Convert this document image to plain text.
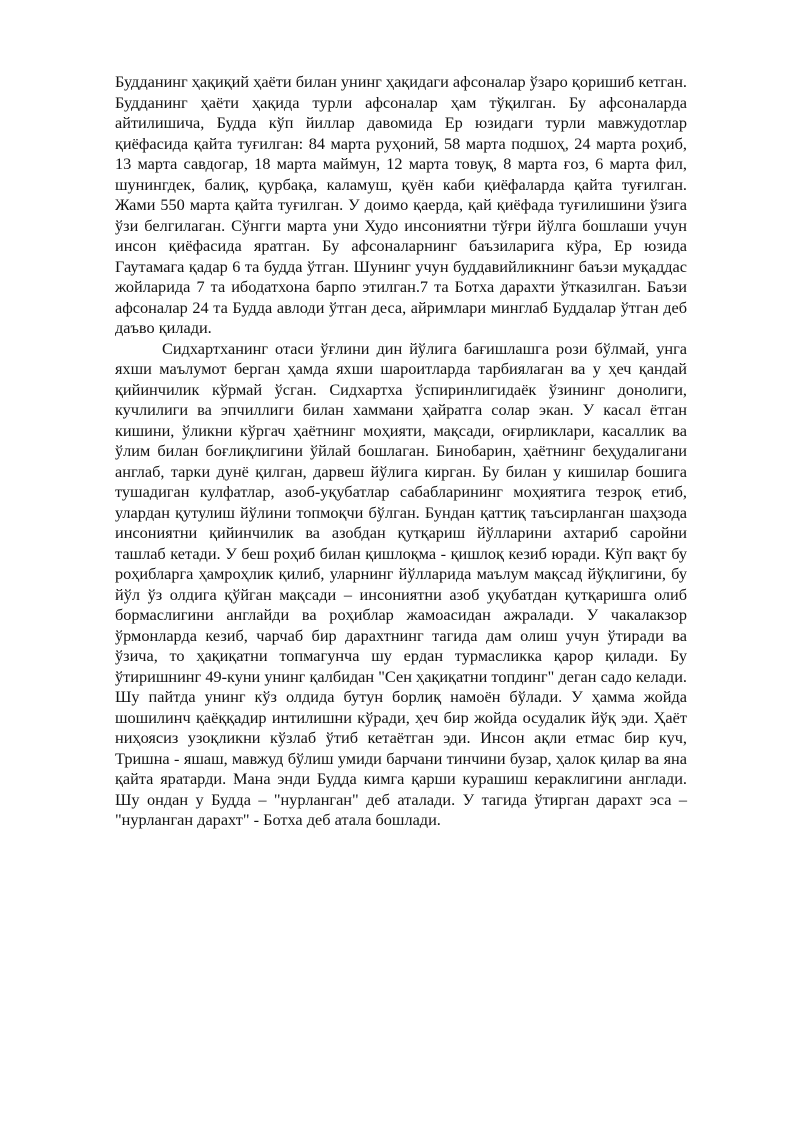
Будданинг ҳақиқий ҳаёти билан унинг ҳақидаги афсоналар ўзаро қоришиб кетган. Будданинг ҳаёти ҳақида турли афсоналар ҳам тўқилган. Бу афсоналарда айтилишича, Будда кўп йиллар давомида Ер юзидаги турли мавжудотлар қиёфасида қайта туғилган: 84 марта руҳоний, 58 марта подшоҳ, 24 марта роҳиб, 13 марта савдогар, 18 марта маймун, 12 марта товуқ, 8 марта ғоз, 6 марта фил, шунингдек, балиқ, қурбақа, каламуш, қуён каби қиёфаларда қайта туғилган. Жами 550 марта қайта туғилган. У доимо қаерда, қай қиёфада туғилишини ўзига ўзи белгилаган. Сўнгги марта уни Худо инсониятни тўғри йўлга бошлаши учун инсон қиёфасида яратган. Бу афсоналарнинг баъзиларига кўра, Ер юзида Гаутамага қадар 6 та будда ўтган. Шунинг учун буддавийликнинг баъзи муқаддас жойларида 7 та ибодатхона барпо этилган.7 та Ботха дарахти ўтказилган. Баъзи афсоналар 24 та Будда авлоди ўтган деса, айримлари минглаб Буддалар ўтган деб даъво қилади.

Сидхартханинг отаси ўғлини дин йўлига бағишлашга рози бўлмай, унга яхши маълумот берган ҳамда яхши шароитларда тарбиялаган ва у ҳеч қандай қийинчилик кўрмай ўсган. Сидхартха ўспиринлигидаёк ўзининг донолиги, кучлилиги ва эпчиллиги билан хаммани ҳайратга солар экан. У касал ётган кишини, ўликни кўргач ҳаётнинг моҳияти, мақсади, оғирликлари, касаллик ва ўлим билан боғлиқлигини ўйлай бошлаган. Бинобарин, ҳаётнинг беҳудалигани англаб, тарки дунё қилган, дарвеш йўлига кирган. Бу билан у кишилар бошига тушадиган кулфатлар, азоб-уқубатлар сабабларининг моҳиятига тезроқ етиб, улардан қутулиш йўлини топмоқчи бўлган. Бундан қаттиқ таъсирланган шаҳзода инсониятни қийинчилик ва азобдан қутқариш йўлларини ахтариб саройни ташлаб кетади. У беш роҳиб билан қишлоқма - қишлоқ кезиб юради. Кўп вақт бу роҳибларга ҳамроҳлик қилиб, уларнинг йўлларида маълум мақсад йўқлигини, бу йўл ўз олдига қўйган мақсади – инсониятни азоб уқубатдан қутқаришга олиб бормаслигини англайди ва роҳиблар жамоасидан ажралади. У чакалакзор ўрмонларда кезиб, чарчаб бир дарахтнинг тагида дам олиш учун ўтиради ва ўзича, то ҳақиқатни топмагунча шу ердан турмасликка қарор қилади. Бу ўтиришнинг 49-куни унинг қалбидан "Сен ҳақиқатни топдинг" деган садо келади. Шу пайтда унинг кўз олдида бутун борлиқ намоён бўлади. У ҳамма жойда шошилинч қаёққадир интилишни кўради, ҳеч бир жойда осудалик йўқ эди. Ҳаёт ниҳоясиз узоқликни кўзлаб ўтиб кетаётган эди. Инсон ақли етмас бир куч, Тришна - яшаш, мавжуд бўлиш умиди барчани тинчини бузар, ҳалок қилар ва яна қайта яратарди. Мана энди Будда кимга қарши курашиш кераклигини англади. Шу ондан у Будда – "нурланган" деб аталади. У тагида ўтирган дарахт эса – "нурланган дарахт" - Ботха деб атала бошлади.
